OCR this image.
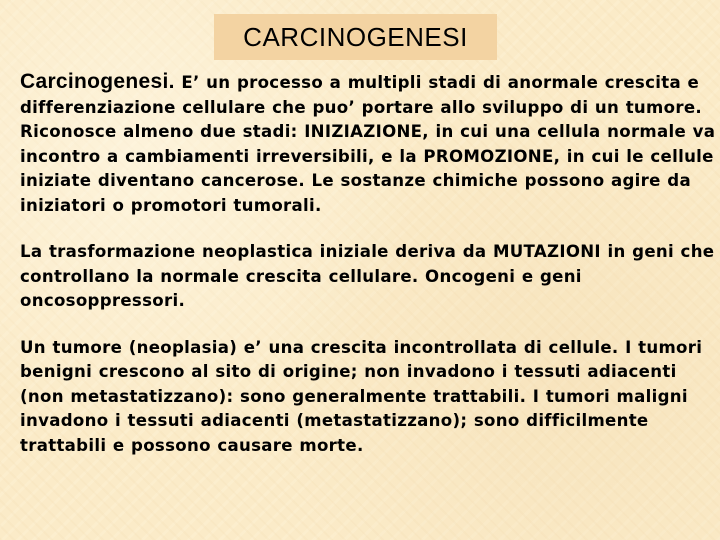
CARCINOGENESI

Carcinogenesi. E’ un processo a multipli stadi di anormale crescita e differenziazione cellulare che puo’ portare allo sviluppo di un tumore. Riconosce almeno due stadi: INIZIAZIONE, in cui una cellula normale va incontro a cambiamenti irreversibili, e la PROMOZIONE, in cui le cellule iniziate diventano cancerose. Le sostanze chimiche possono agire da iniziatori o promotori tumorali.

La trasformazione neoplastica iniziale deriva da MUTAZIONI in geni che controllano la normale crescita cellulare. Oncogeni e geni oncosoppressori.

Un tumore (neoplasia) e’ una crescita incontrollata di cellule. I tumori benigni crescono al sito di origine; non invadono i tessuti adiacenti (non metastatizzano): sono generalmente trattabili. I tumori maligni invadono i tessuti adiacenti (metastatizzano); sono difficilmente trattabili e possono causare morte.
